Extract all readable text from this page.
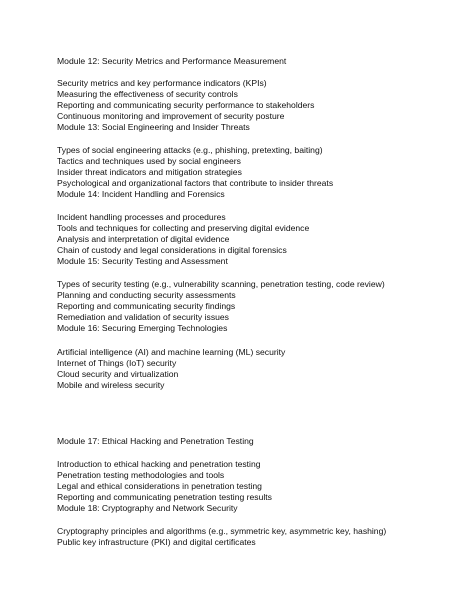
Module 12: Security Metrics and Performance Measurement
Security metrics and key performance indicators (KPIs)
Measuring the effectiveness of security controls
Reporting and communicating security performance to stakeholders
Continuous monitoring and improvement of security posture
Module 13: Social Engineering and Insider Threats
Types of social engineering attacks (e.g., phishing, pretexting, baiting)
Tactics and techniques used by social engineers
Insider threat indicators and mitigation strategies
Psychological and organizational factors that contribute to insider threats
Module 14: Incident Handling and Forensics
Incident handling processes and procedures
Tools and techniques for collecting and preserving digital evidence
Analysis and interpretation of digital evidence
Chain of custody and legal considerations in digital forensics
Module 15: Security Testing and Assessment
Types of security testing (e.g., vulnerability scanning, penetration testing, code review)
Planning and conducting security assessments
Reporting and communicating security findings
Remediation and validation of security issues
Module 16: Securing Emerging Technologies
Artificial intelligence (AI) and machine learning (ML) security
Internet of Things (IoT) security
Cloud security and virtualization
Mobile and wireless security
Module 17: Ethical Hacking and Penetration Testing
Introduction to ethical hacking and penetration testing
Penetration testing methodologies and tools
Legal and ethical considerations in penetration testing
Reporting and communicating penetration testing results
Module 18: Cryptography and Network Security
Cryptography principles and algorithms (e.g., symmetric key, asymmetric key, hashing)
Public key infrastructure (PKI) and digital certificates
